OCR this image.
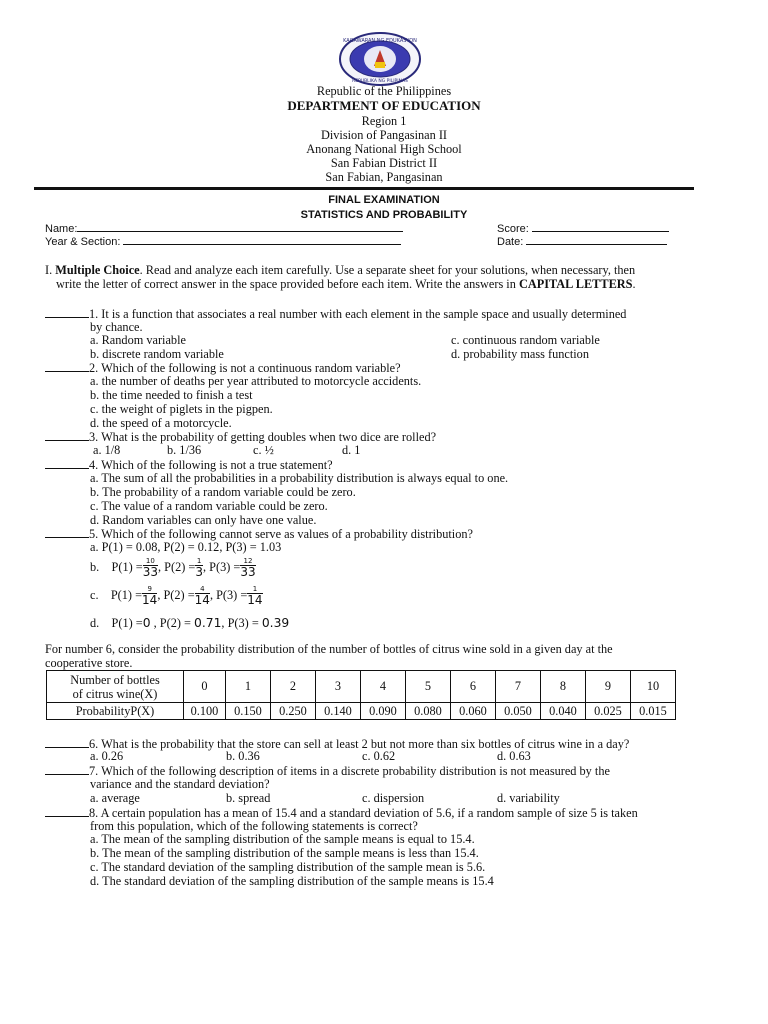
KAGAWARAN NG EDUKASYON
REPUBLIKA NG PILIPINAS
Republic of the Philippines
DEPARTMENT OF EDUCATION
Region 1
Division of Pangasinan II
Anonang National High School
San Fabian District II
San Fabian, Pangasinan
FINAL EXAMINATION
STATISTICS AND PROBABILITY
Name:
Year & Section:
Score:
Date:
I. Multiple Choice. Read and analyze each item carefully. Use a separate sheet for your solutions, when necessary, then
write the letter of correct answer in the space provided before each item. Write the answers in CAPITAL LETTERS.
1. It is a function that associates a real number with each element in the sample space and usually determined
by chance.
a. Random variable	c. continuous random variable
b. discrete random variable	d. probability mass function
2. Which of the following is not a continuous random variable?
a. the number of deaths per year attributed to motorcycle accidents.
b. the time needed to finish a test
c. the weight of piglets in the pigpen.
d. the speed of a motorcycle.
3. What is the probability of getting doubles when two dice are rolled?
a. 1/8	b. 1/36	c. ½	d. 1
4. Which of the following is not a true statement?
a. The sum of all the probabilities in a probability distribution is always equal to one.
b. The probability of a random variable could be zero.
c. The value of a random variable could be zero.
d. Random variables can only have one value.
5. Which of the following cannot serve as values of a probability distribution?
a. P(1) = 0.08, P(2) = 0.12, P(3) = 1.03
b.    $P(1) = \frac{10}{33}$ , $P(2) = \frac{1}{3}$ , $P(3) = \frac{12}{33}$
c.    $P(1) = \frac{9}{14}$ , $P(2) = \frac{4}{14}$ , $P(3) = \frac{1}{14}$
d.    P(1) =0 , P(2) = 0.71, P(3) = 0.39
For number 6, consider the probability distribution of the number of bottles of citrus wine sold in a given day at the
cooperative store.
Number of bottles
of citrus wine(X)	0	1	2	3	4	5	6	7	8	9	10
ProbabilityP(X)	0.100	0.150	0.250	0.140	0.090	0.080	0.060	0.050	0.040	0.025	0.015
6. What is the probability that the store can sell at least 2 but not more than six bottles of citrus wine in a day?
a. 0.26	b. 0.36	c. 0.62	d. 0.63
7. Which of the following description of items in a discrete probability distribution is not measured by the
variance and the standard deviation?
a. average	b. spread	c. dispersion	d. variability
8. A certain population has a mean of 15.4 and a standard deviation of 5.6, if a random sample of size 5 is taken
from this population, which of the following statements is correct?
a. The mean of the sampling distribution of the sample means is equal to 15.4.
b. The mean of the sampling distribution of the sample means is less than 15.4.
c. The standard deviation of the sampling distribution of the sample mean is 5.6.
d. The standard deviation of the sampling distribution of the sample means is 15.4
